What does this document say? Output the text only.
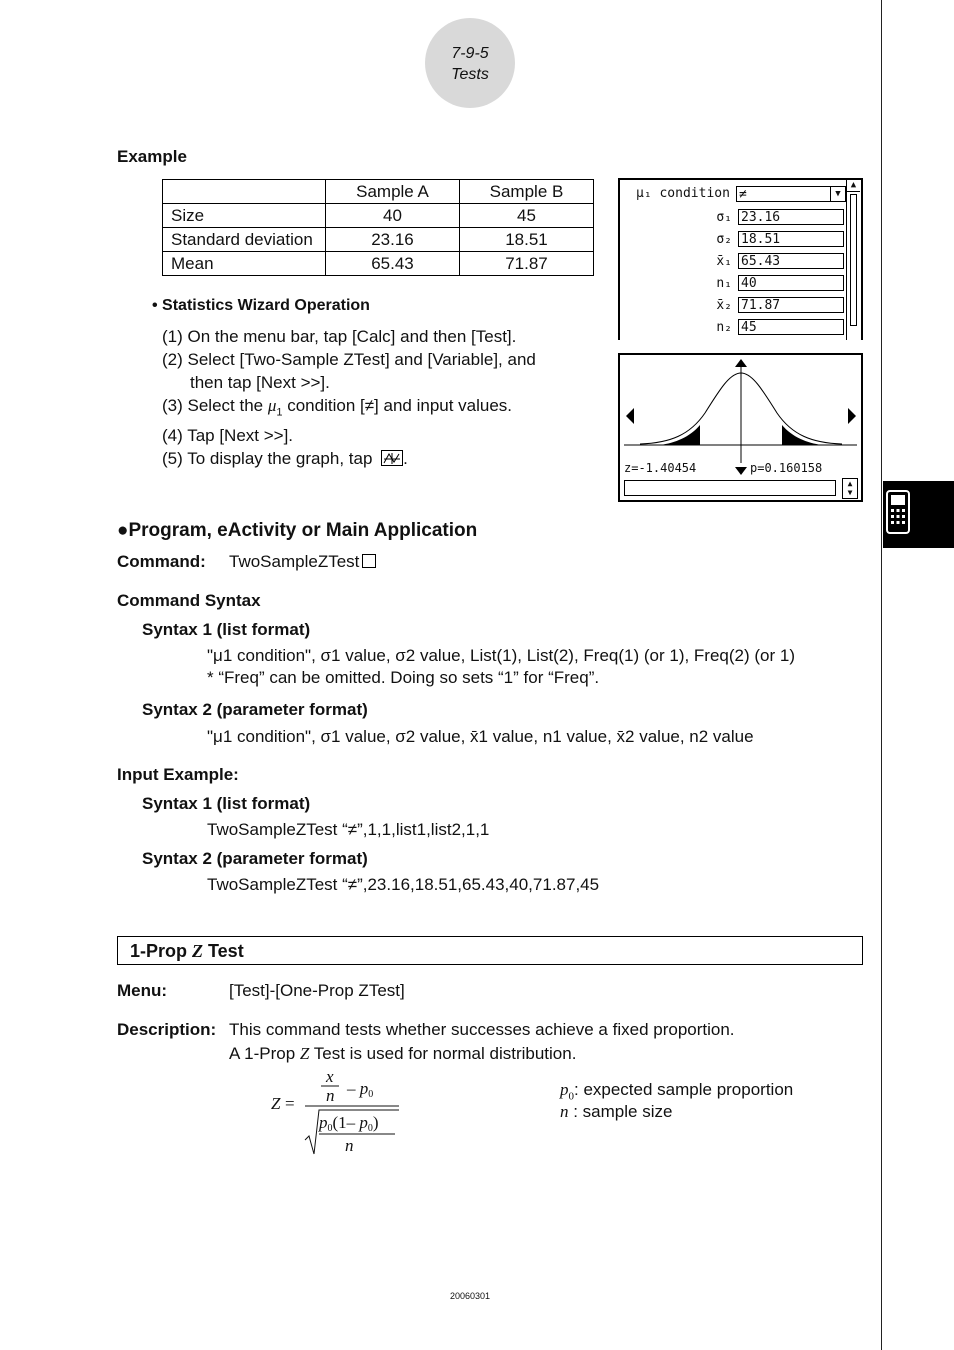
7-9-5
Tests
Example
	Sample A	Sample B
Size	40	45
Standard deviation	23.16	18.51
Mean	65.43	71.87
• Statistics Wizard Operation
(1) On the menu bar, tap [Calc] and then [Test].
(2) Select [Two-Sample ZTest] and [Variable], and
then tap [Next >>].
(3) Select the $\mu_1$ condition [≠] and input values.
(4) Tap [Next >>].
(5) To display the graph, tap .
μ₁ condition ≠	▼
σ₁ 23.16
σ₂ 18.51
x̄₁ 65.43
n₁ 40
x̄₂ 71.87
n₂ 45
▲
z=-1.40454	p=0.160158
▲
▼
●Program, eActivity or Main Application
Command: TwoSampleZTest
Command Syntax
Syntax 1 (list format)
"μ1 condition", σ1 value, σ2 value, List(1), List(2), Freq(1) (or 1), Freq(2) (or 1)
* “Freq” can be omitted. Doing so sets “1” for “Freq”.
Syntax 2 (parameter format)
"μ1 condition", σ1 value, σ2 value, x̄1 value, n1 value, x̄2 value, n2 value
Input Example:
Syntax 1 (list format)
TwoSampleZTest “≠”,1,1,list1,list2,1,1
Syntax 2 (parameter format)
TwoSampleZTest “≠”,23.16,18.51,65.43,40,71.87,45
1-Prop Z Test
Menu:	[Test]-[One-Prop ZTest]
Description: This command tests whether successes achieve a fixed proportion.
A 1-Prop Z Test is used for normal distribution.
Z =
x
n – p0
p0(1– p0)
n
$p_0$: expected sample proportion
n : sample size
20060301
